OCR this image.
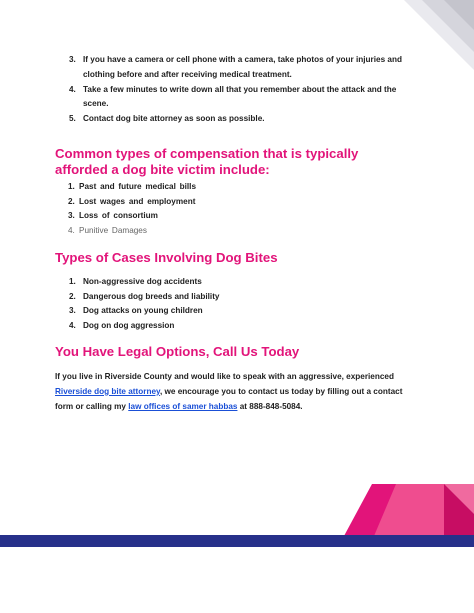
3. If you have a camera or cell phone with a camera, take photos of your injuries and clothing before and after receiving medical treatment.
4. Take a few minutes to write down all that you remember about the attack and the scene.
5. Contact dog bite attorney as soon as possible.
Common types of compensation that is typically afforded a dog bite victim include:
1. Past and future medical bills
2. Lost wages and employment
3. Loss of consortium
4. Punitive Damages
Types of Cases Involving Dog Bites
1. Non-aggressive dog accidents
2. Dangerous dog breeds and liability
3. Dog attacks on young children
4. Dog on dog aggression
You Have Legal Options, Call Us Today

If you live in Riverside County and would like to speak with an aggressive, experienced Riverside dog bite attorney, we encourage you to contact us today by filling out a contact form or calling my law offices of samer habbas at 888-848-5084.
